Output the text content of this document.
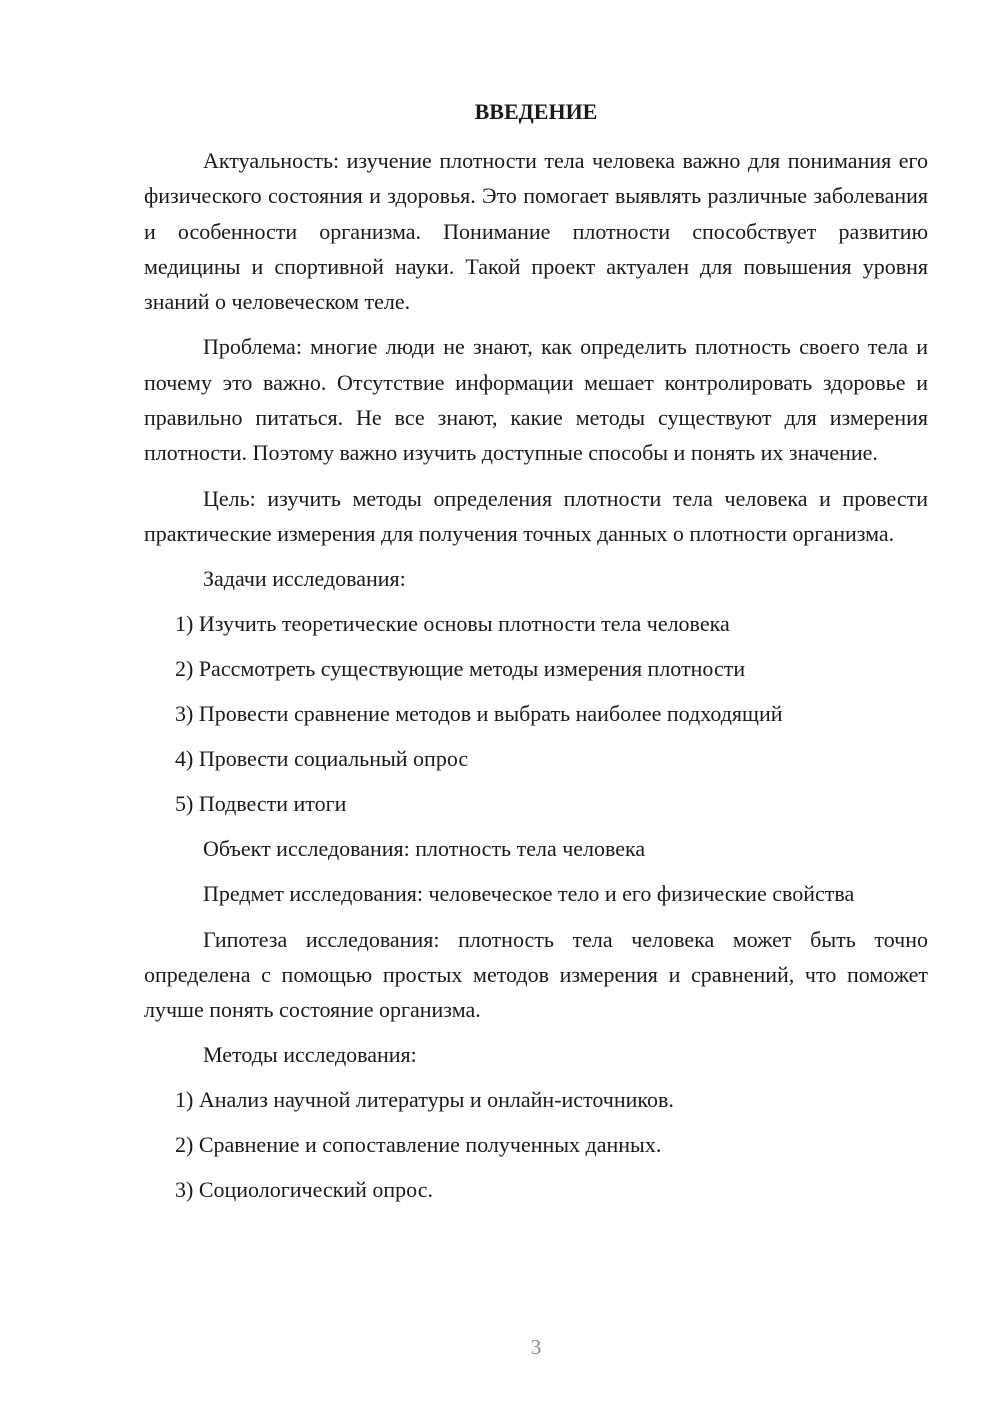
ВВЕДЕНИЕ

Актуальность: изучение плотности тела человека важно для понимания его физического состояния и здоровья. Это помогает выявлять различные заболевания и особенности организма. Понимание плотности способствует развитию медицины и спортивной науки. Такой проект актуален для повышения уровня знаний о человеческом теле.

Проблема: многие люди не знают, как определить плотность своего тела и почему это важно. Отсутствие информации мешает контролировать здоровье и правильно питаться. Не все знают, какие методы существуют для измерения плотности. Поэтому важно изучить доступные способы и понять их значение.

Цель: изучить методы определения плотности тела человека и провести практические измерения для получения точных данных о плотности организма.

Задачи исследования:

1) Изучить теоретические основы плотности тела человека

2) Рассмотреть существующие методы измерения плотности

3) Провести сравнение методов и выбрать наиболее подходящий

4) Провести социальный опрос

5) Подвести итоги

Объект исследования: плотность тела человека

Предмет исследования: человеческое тело и его физические свойства

Гипотеза исследования: плотность тела человека может быть точно определена с помощью простых методов измерения и сравнений, что поможет лучше понять состояние организма.

Методы исследования:

1) Анализ научной литературы и онлайн-источников.

2) Сравнение и сопоставление полученных данных.

3) Социологический опрос.

3
